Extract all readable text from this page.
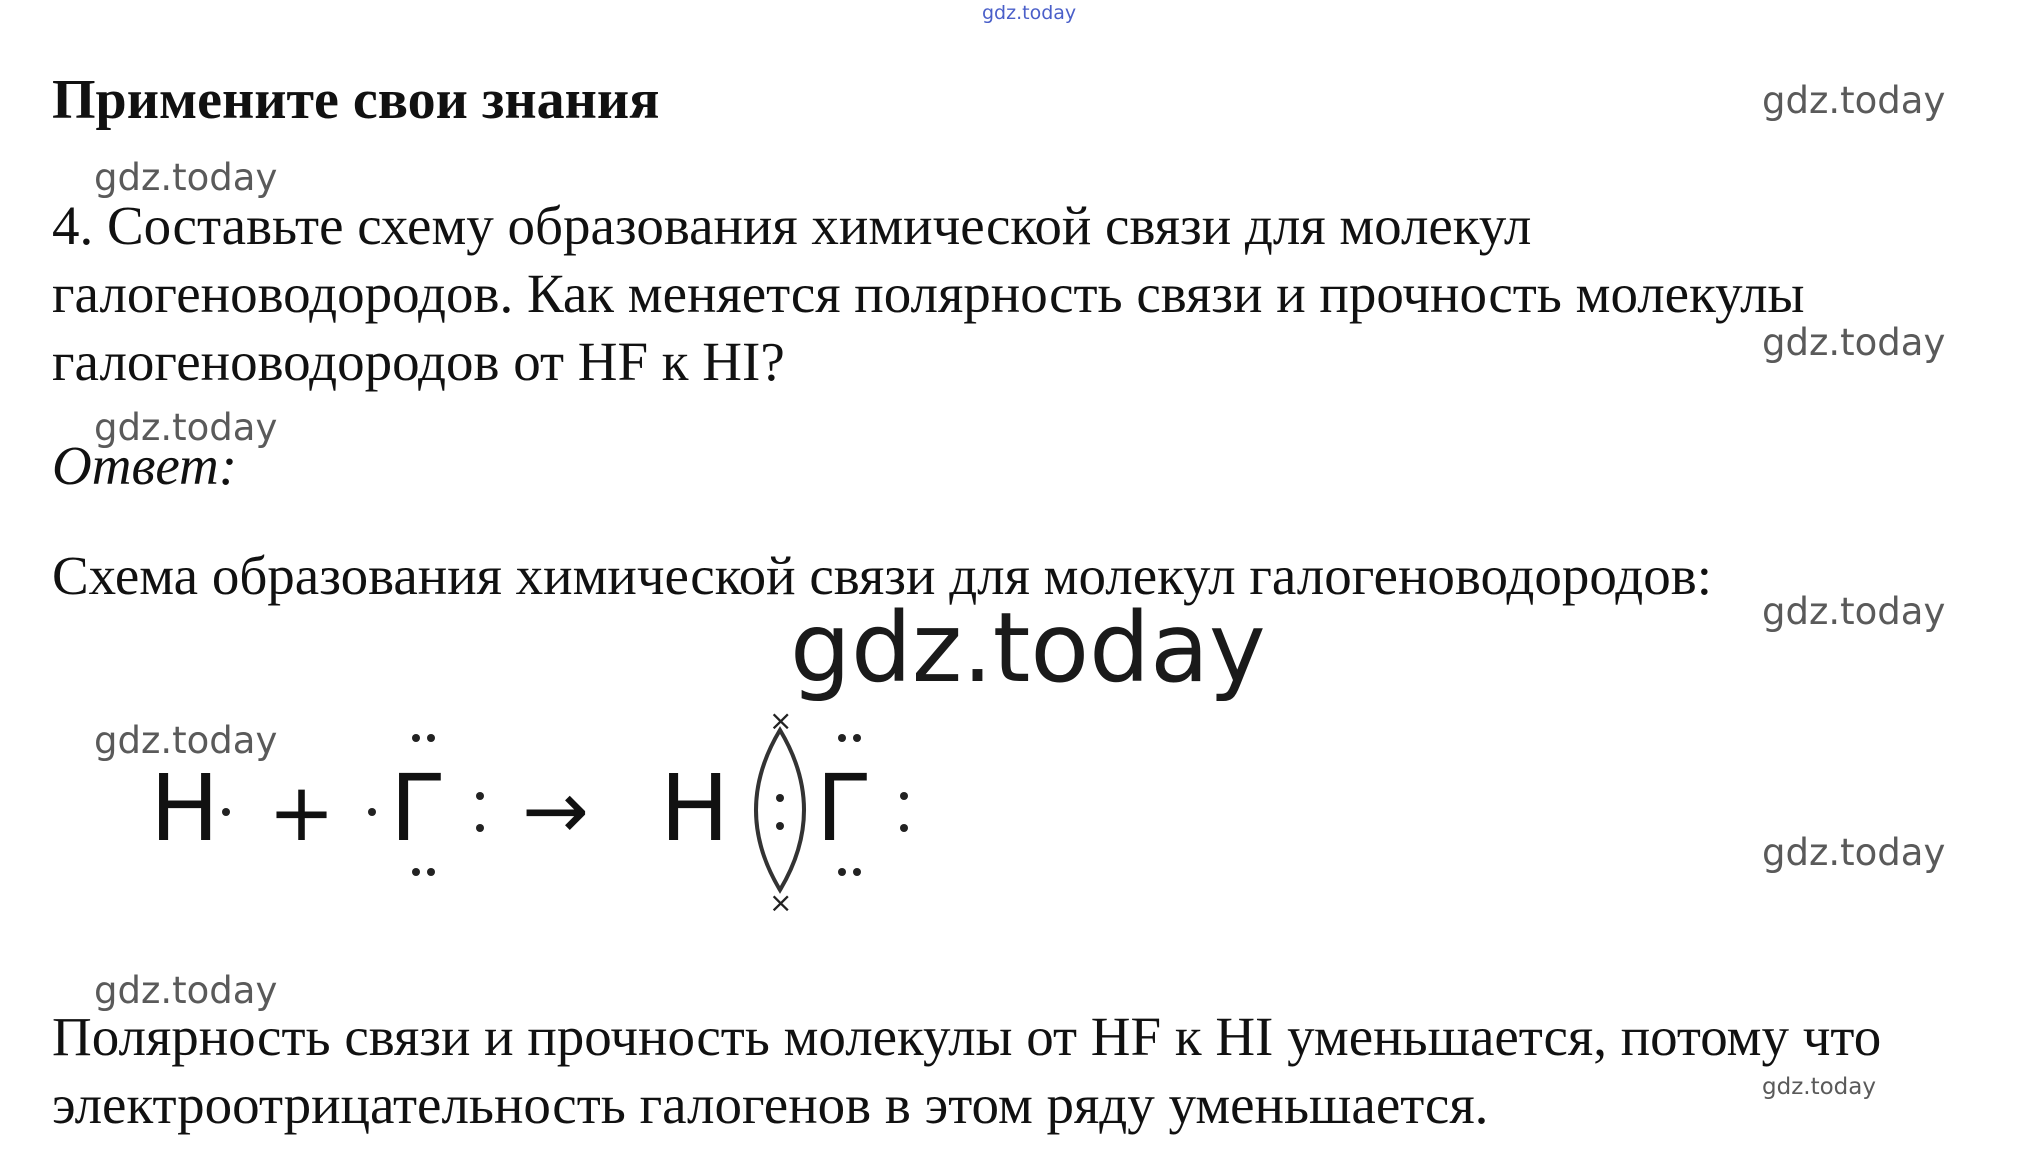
gdz.today
Примените свои знания
4. Составьте схему образования химической связи для молекул
галогеноводородов. Как меняется полярность связи и прочность молекулы
галогеноводородов от HF к HI?
Ответ:
Схема образования химической связи для молекул галогеноводородов:
H + Г → H
×
×
Г
Полярность связи и прочность молекулы от HF к HI уменьшается, потому что
электроотрицательность галогенов в этом ряду уменьшается.
gdz.today
gdz.today
gdz.today
gdz.today
gdz.today
gdz.today
gdz.today
gdz.today
gdz.today
gdz.today
